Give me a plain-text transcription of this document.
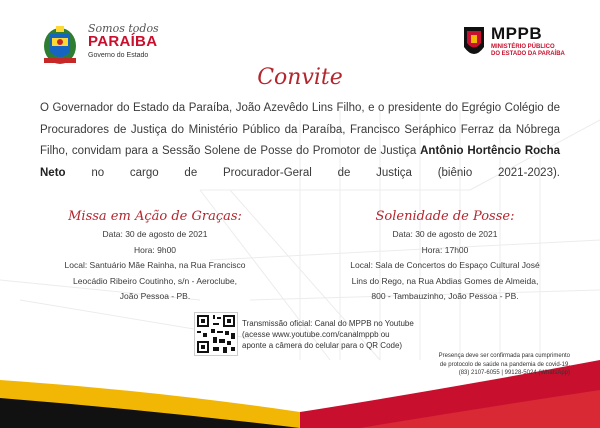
Somos todos
PARAÍBA
Governo do Estado
MPPB
MINISTÉRIO PÚBLICO
DO ESTADO DA PARAÍBA
Convite
O Governador do Estado da Paraíba, João Azevêdo Lins Filho, e o presidente do Egrégio Colégio de Procuradores de Justiça do Ministério Público da Paraíba, Francisco Seráphico Ferraz da Nóbrega Filho, convidam para a Sessão Solene de Posse do Promotor de Justiça Antônio Hortêncio Rocha Neto no cargo de Procurador-Geral de Justiça (biênio 2021-2023).
Missa em Ação de Graças:
Data: 30 de agosto de 2021
Hora: 9h00
Local: Santuário Mãe Rainha, na Rua Francisco
Leocádio Ribeiro Coutinho, s/n - Aeroclube,
João Pessoa - PB.
Solenidade de Posse:
Data: 30 de agosto de 2021
Hora: 17h00
Local: Sala de Concertos do Espaço Cultural José
Lins do Rego, na Rua Abdias Gomes de Almeida,
800 - Tambauzinho, João Pessoa - PB.
Transmissão oficial: Canal do MPPB no Youtube
(acesse www.youtube.com/canalmppb ou
aponte a câmera do celular para o QR Code)
Presença deve ser confirmada para cumprimento
de protocolo de saúde na pandemia de covid-19.
(83) 2107-6055 | 99128-5024 (WhatsApp)
